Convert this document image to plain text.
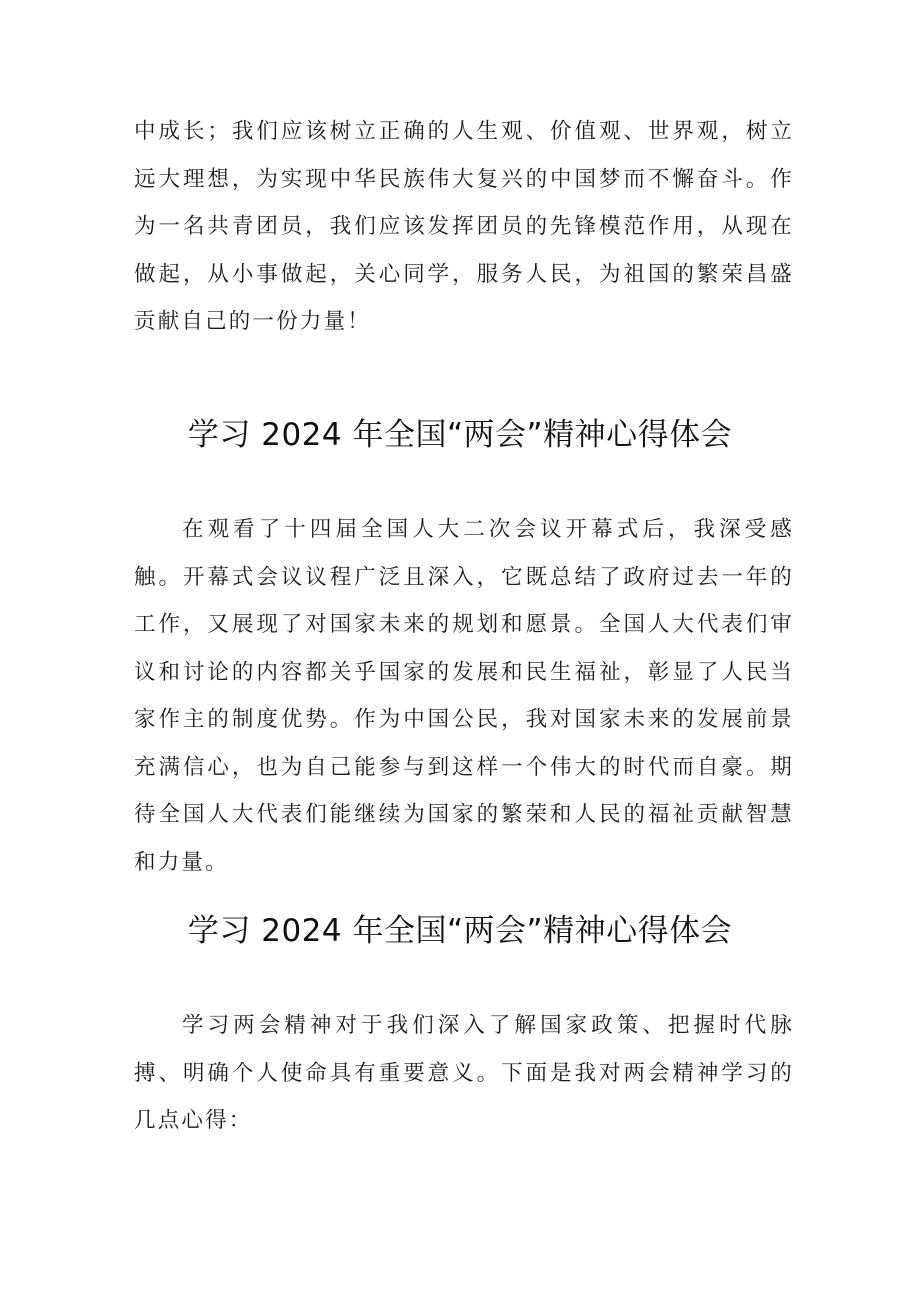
中成长；我们应该树立正确的人生观、价值观、世界观，树立远大理想，为实现中华民族伟大复兴的中国梦而不懈奋斗。作为一名共青团员，我们应该发挥团员的先锋模范作用，从现在做起，从小事做起，关心同学，服务人民，为祖国的繁荣昌盛贡献自己的一份力量！

学习 2024 年全国“两会”精神心得体会

在观看了十四届全国人大二次会议开幕式后，我深受感触。开幕式会议议程广泛且深入，它既总结了政府过去一年的工作，又展现了对国家未来的规划和愿景。全国人大代表们审议和讨论的内容都关乎国家的发展和民生福祉，彰显了人民当家作主的制度优势。作为中国公民，我对国家未来的发展前景充满信心，也为自己能参与到这样一个伟大的时代而自豪。期待全国人大代表们能继续为国家的繁荣和人民的福祉贡献智慧和力量。

学习 2024 年全国“两会”精神心得体会

学习两会精神对于我们深入了解国家政策、把握时代脉搏、明确个人使命具有重要意义。下面是我对两会精神学习的几点心得：
